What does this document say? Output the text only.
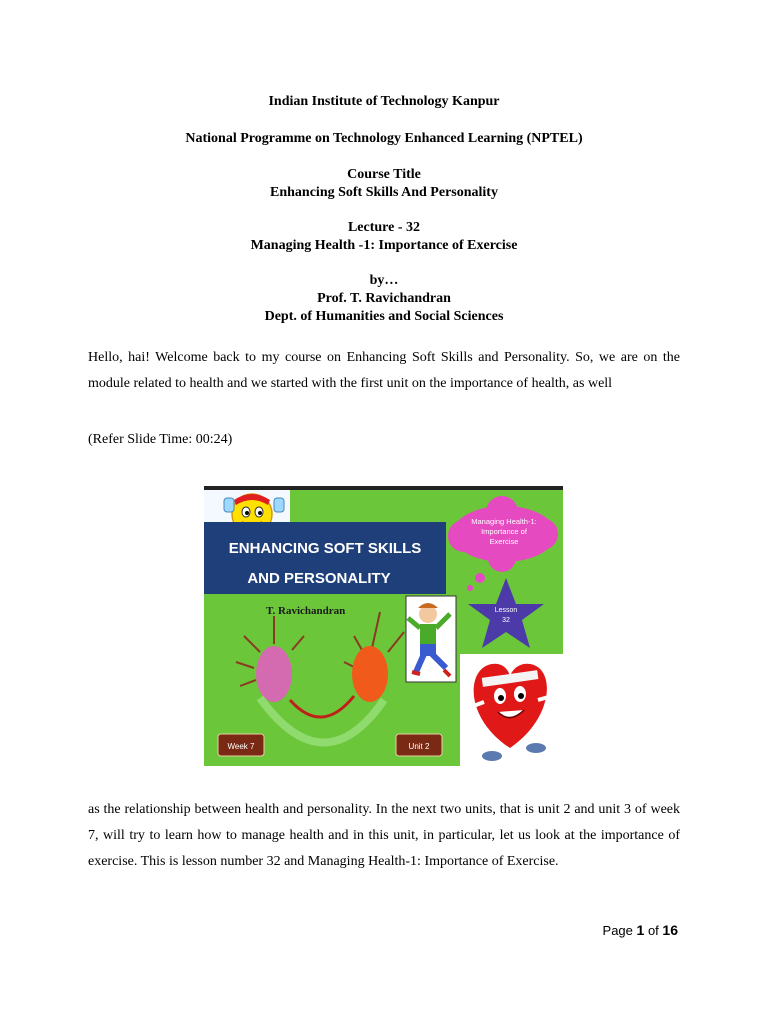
Indian Institute of Technology Kanpur
National Programme on Technology Enhanced Learning (NPTEL)
Course Title
Enhancing Soft Skills And Personality
Lecture - 32
Managing Health -1: Importance of Exercise
by…
Prof. T. Ravichandran
Dept. of Humanities and Social Sciences
Hello, hai! Welcome back to my course on Enhancing Soft Skills and Personality. So, we are on the module related to health and we started with the first unit on the importance of health, as well
(Refer Slide Time: 00:24)
ENHANCING SOFT SKILLS
AND PERSONALITY
Managing Health-1:
Importance of
Exercise
Lesson
32
T. Ravichandran
Week 7	Unit 2
as the relationship between health and personality. In the next two units, that is unit 2 and unit 3 of week 7, will try to learn how to manage health and in this unit, in particular, let us look at the importance of exercise. This is lesson number 32 and Managing Health-1: Importance of Exercise.
Page 1 of 16
